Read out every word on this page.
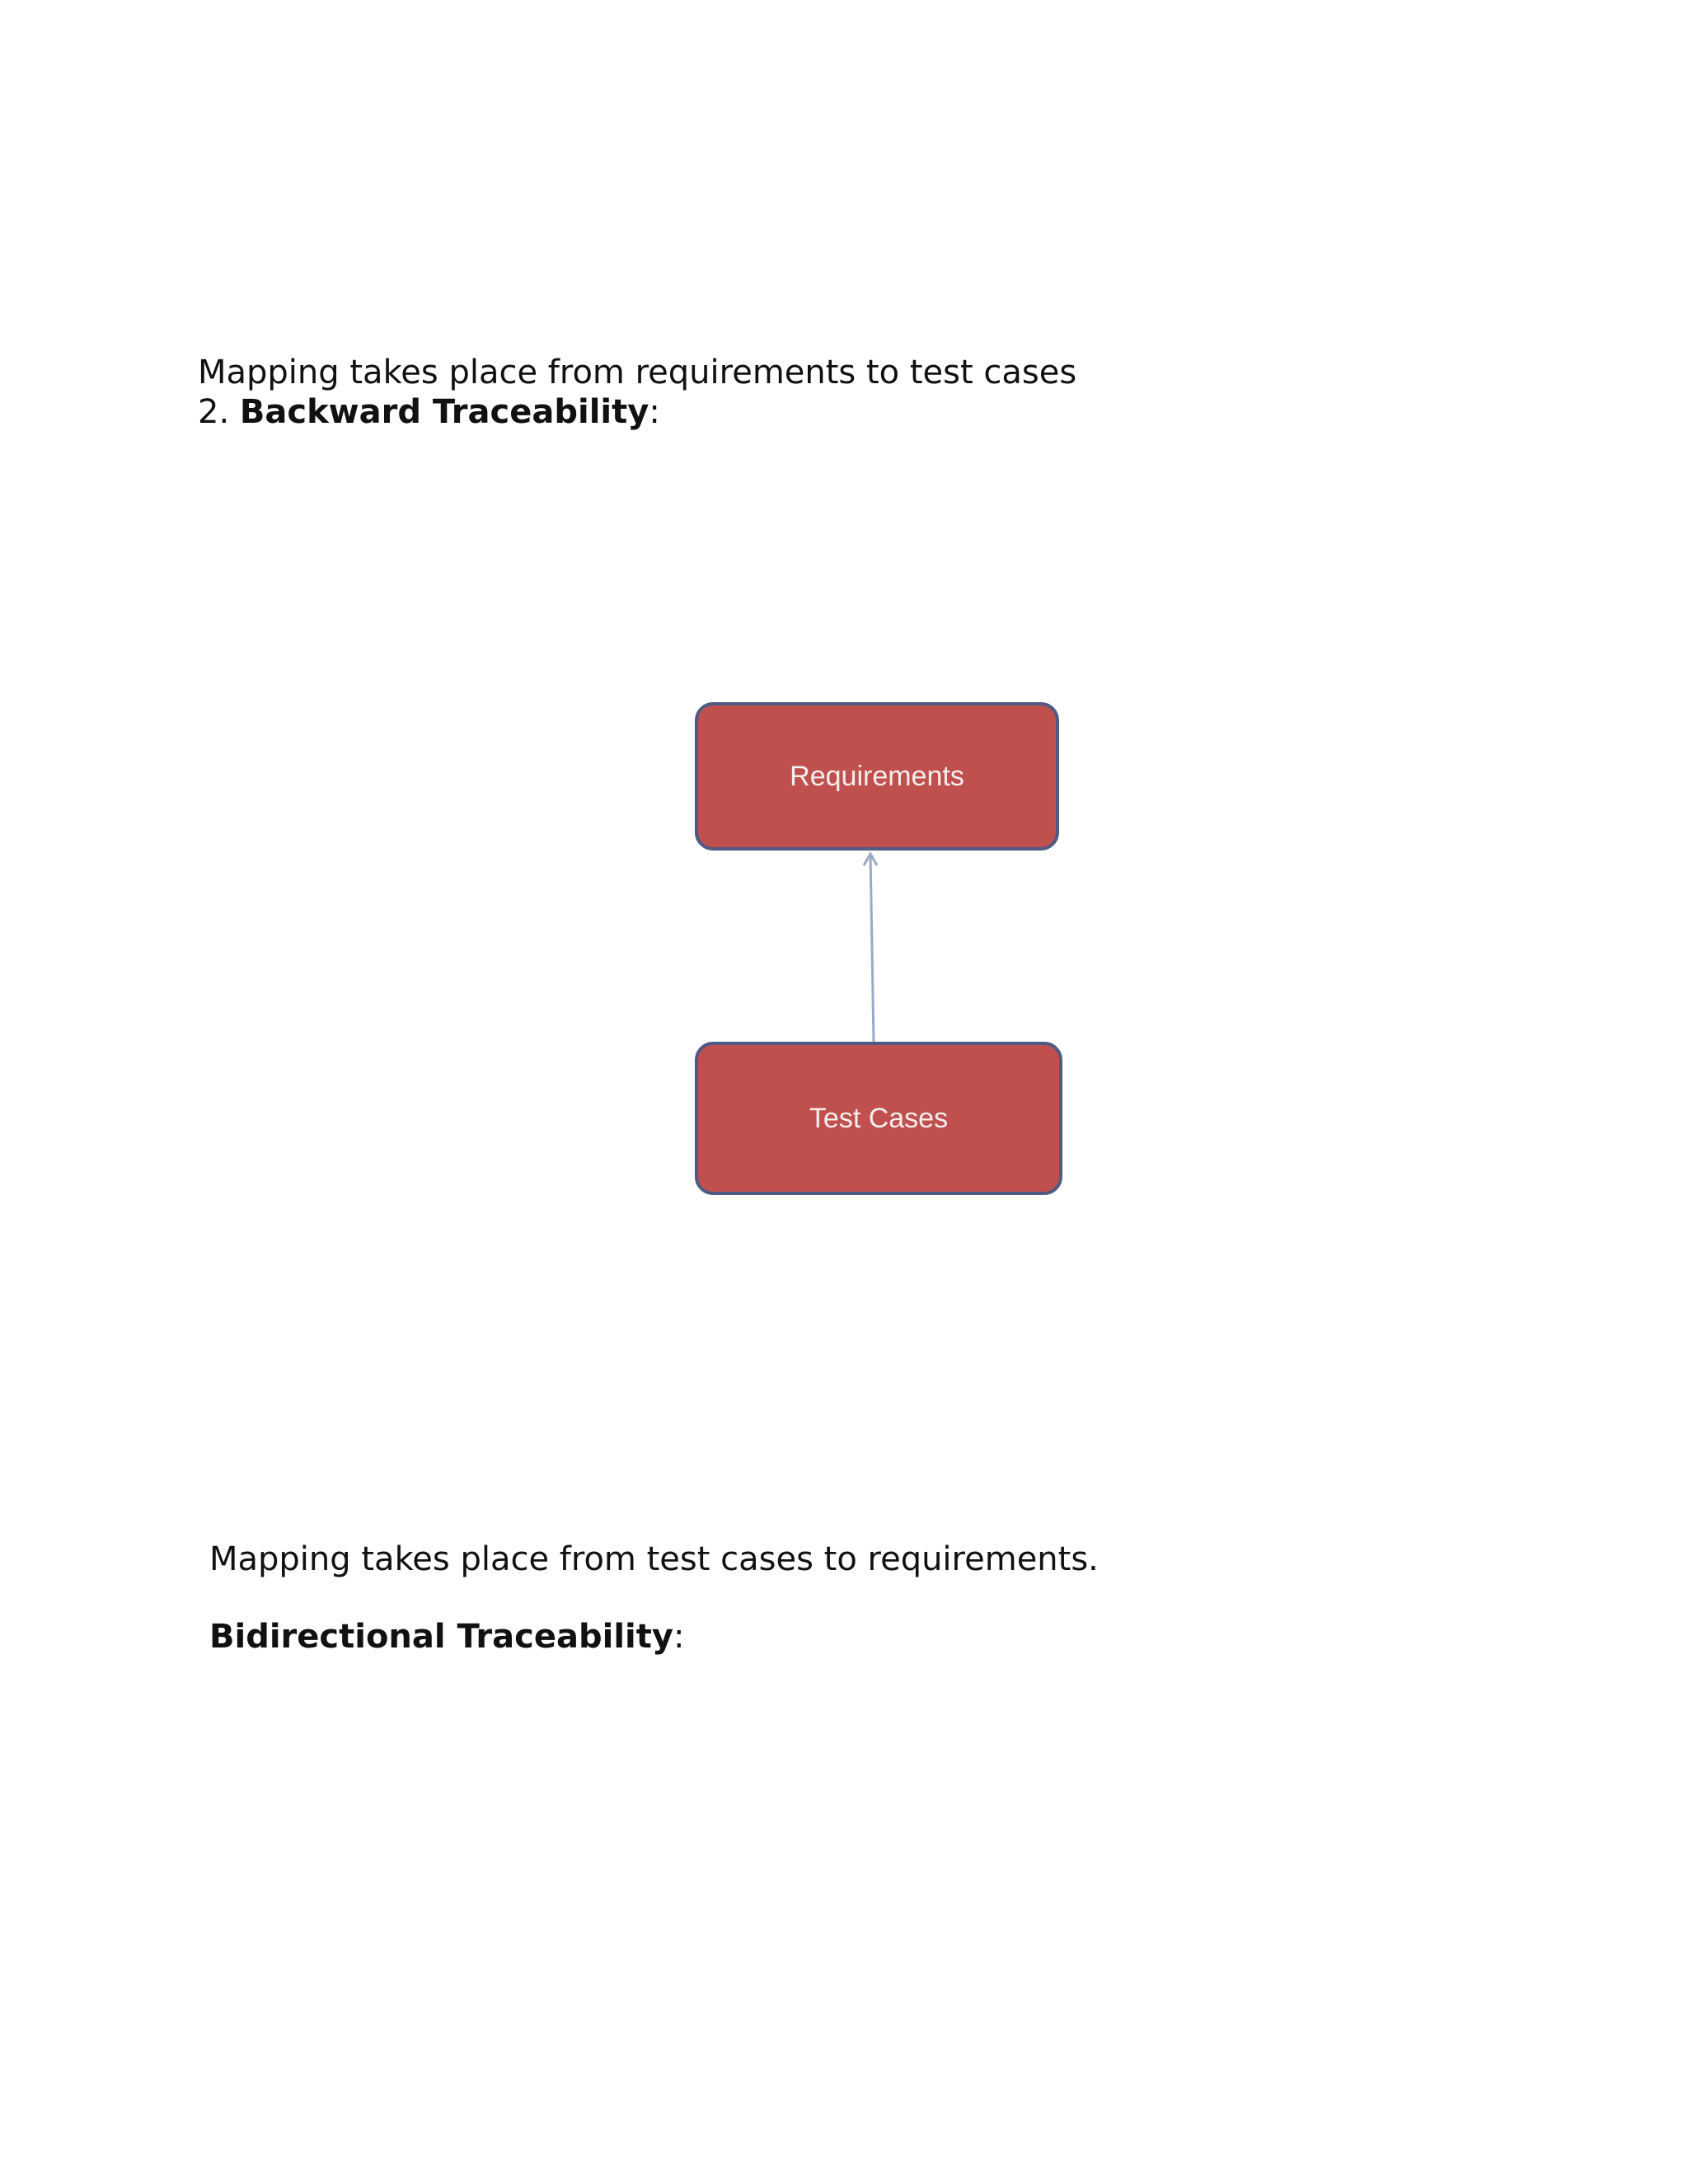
Mapping takes place from requirements to test cases
2. Backward Traceability:
Requirements
Test Cases
Mapping takes place from test cases to requirements.
Bidirectional Traceability:
